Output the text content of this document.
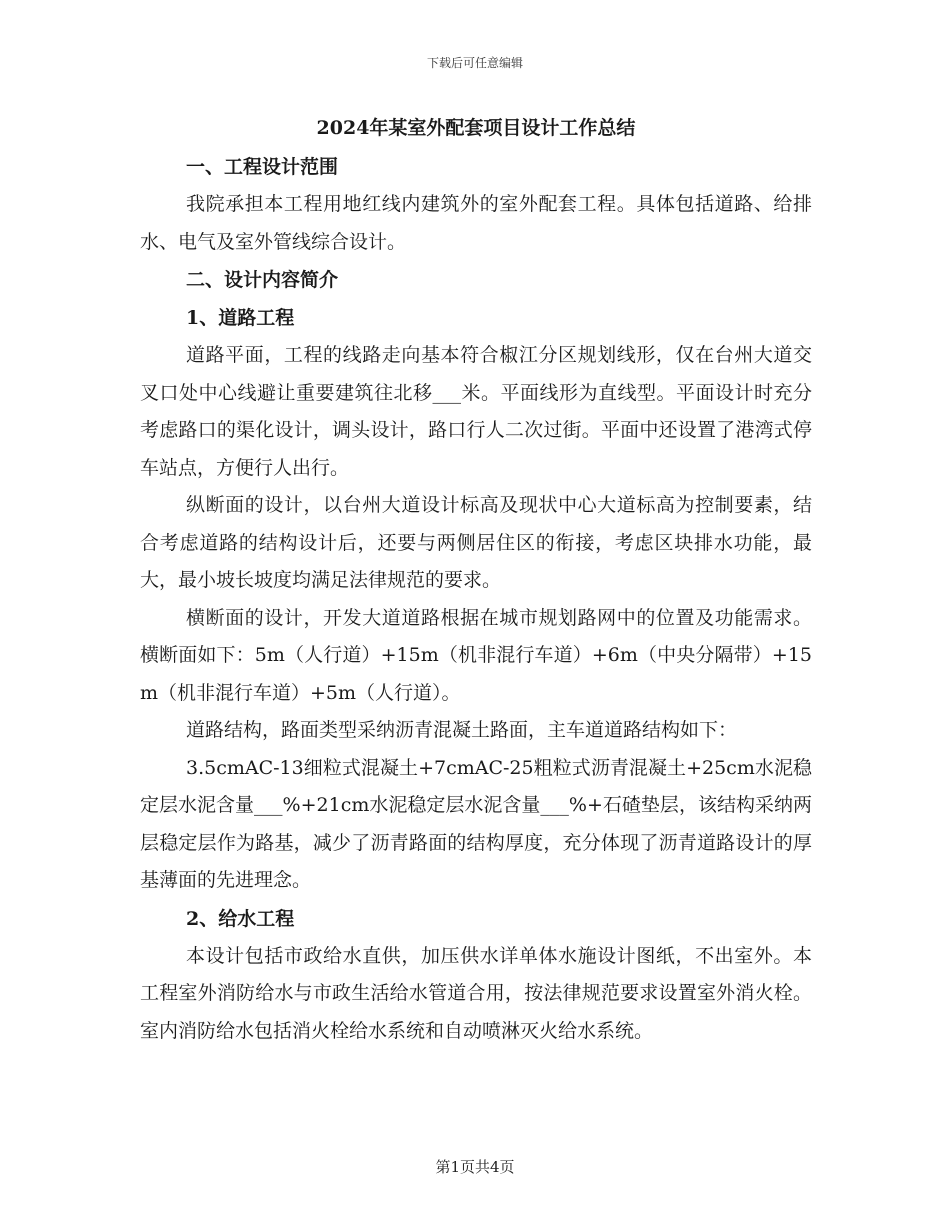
下载后可任意编辑
2024年某室外配套项目设计工作总结
一、工程设计范围

我院承担本工程用地红线内建筑外的室外配套工程。具体包括道路、给排水、电气及室外管线综合设计。

二、设计内容简介
1、道路工程

道路平面，工程的线路走向基本符合椒江分区规划线形，仅在台州大道交叉口处中心线避让重要建筑往北移___米。平面线形为直线型。平面设计时充分考虑路口的渠化设计，调头设计，路口行人二次过街。平面中还设置了港湾式停车站点，方便行人出行。

纵断面的设计，以台州大道设计标高及现状中心大道标高为控制要素，结合考虑道路的结构设计后，还要与两侧居住区的衔接，考虑区块排水功能，最大，最小坡长坡度均满足法律规范的要求。

横断面的设计，开发大道道路根据在城市规划路网中的位置及功能需求。横断面如下：5m（人行道）+15m（机非混行车道）+6m（中央分隔带）+15m（机非混行车道）+5m（人行道）。

道路结构，路面类型采纳沥青混凝土路面，主车道道路结构如下：

3.5cmAC-13细粒式混凝土+7cmAC-25粗粒式沥青混凝土+25cm水泥稳定层水泥含量___%+21cm水泥稳定层水泥含量___%+石碴垫层，该结构采纳两层稳定层作为路基，减少了沥青路面的结构厚度，充分体现了沥青道路设计的厚基薄面的先进理念。

2、给水工程

本设计包括市政给水直供，加压供水详单体水施设计图纸，不出室外。本工程室外消防给水与市政生活给水管道合用，按法律规范要求设置室外消火栓。室内消防给水包括消火栓给水系统和自动喷淋灭火给水系统。

第1页共4页
